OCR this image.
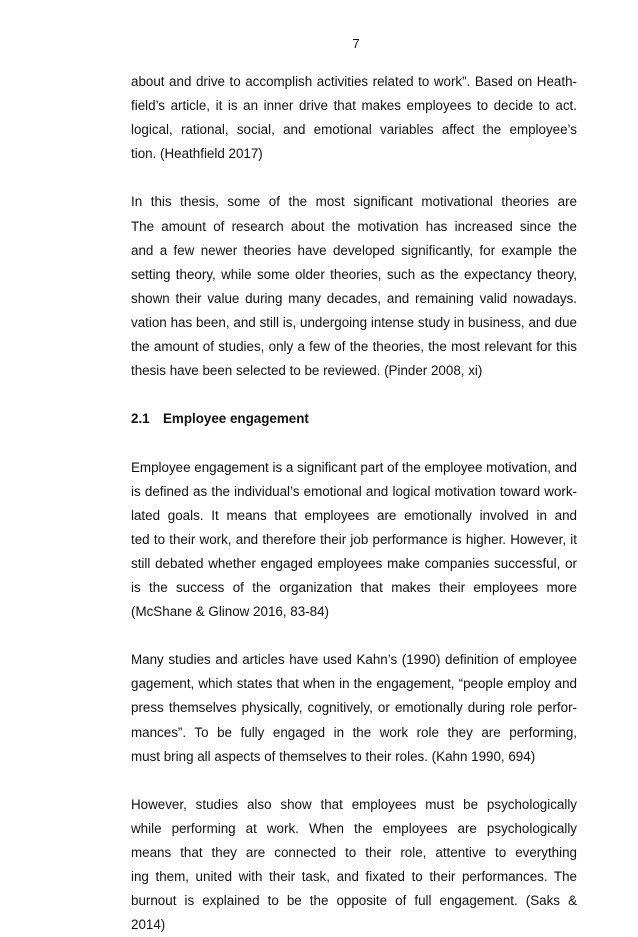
7
about and drive to accomplish activities related to work”. Based on Heath-
field’s article, it is an inner drive that makes employees to decide to act.
logical, rational, social, and emotional variables affect the employee’s
tion. (Heathfield 2017)
In this thesis, some of the most significant motivational theories are
The amount of research about the motivation has increased since the
and a few newer theories have developed significantly, for example the
setting theory, while some older theories, such as the expectancy theory,
shown their value during many decades, and remaining valid nowadays.
vation has been, and still is, undergoing intense study in business, and due
the amount of studies, only a few of the theories, the most relevant for this
thesis have been selected to be reviewed. (Pinder 2008, xi)
2.1 Employee engagement
Employee engagement is a significant part of the employee motivation, and
is defined as the individual’s emotional and logical motivation toward work-
lated goals. It means that employees are emotionally involved in and
ted to their work, and therefore their job performance is higher. However, it
still debated whether engaged employees make companies successful, or
is the success of the organization that makes their employees more
(McShane & Glinow 2016, 83-84)
Many studies and articles have used Kahn’s (1990) definition of employee
gagement, which states that when in the engagement, “people employ and
press themselves physically, cognitively, or emotionally during role perfor-
mances”. To be fully engaged in the work role they are performing,
must bring all aspects of themselves to their roles. (Kahn 1990, 694)
However, studies also show that employees must be psychologically
while performing at work. When the employees are psychologically
means that they are connected to their role, attentive to everything
ing them, united with their task, and fixated to their performances. The
burnout is explained to be the opposite of full engagement. (Saks &
2014)
